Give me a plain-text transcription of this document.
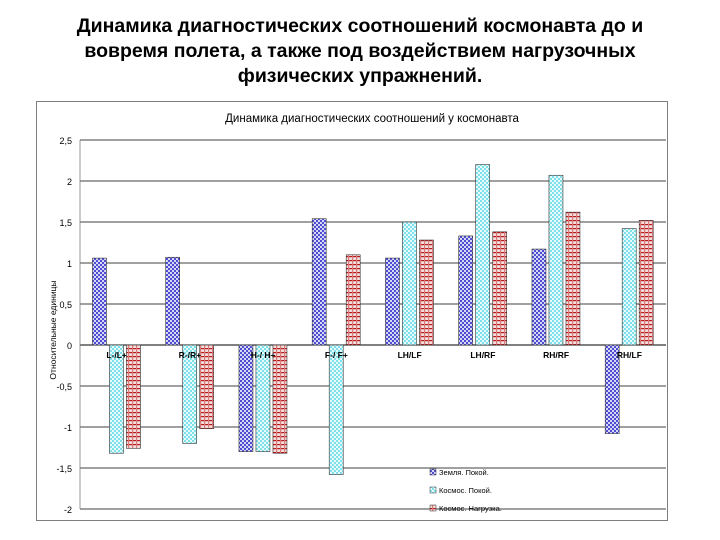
Динамика диагностических соотношений космонавта до и
вовремя полета, а также под воздействием нагрузочных
физических упражнений.
Динамика диагностических соотношений у космонавта
Относительные единицы
2,5
2
1,5
1
0,5
0
-0,5
-1
-1,5
-2
L-/L+	R-/R+	H-/ H+	F-/ F+	LH/LF	LH/RF	RH/RF	RH/LF
Земля. Покой.
Космос. Покой.
Космос. Нагрузка.
